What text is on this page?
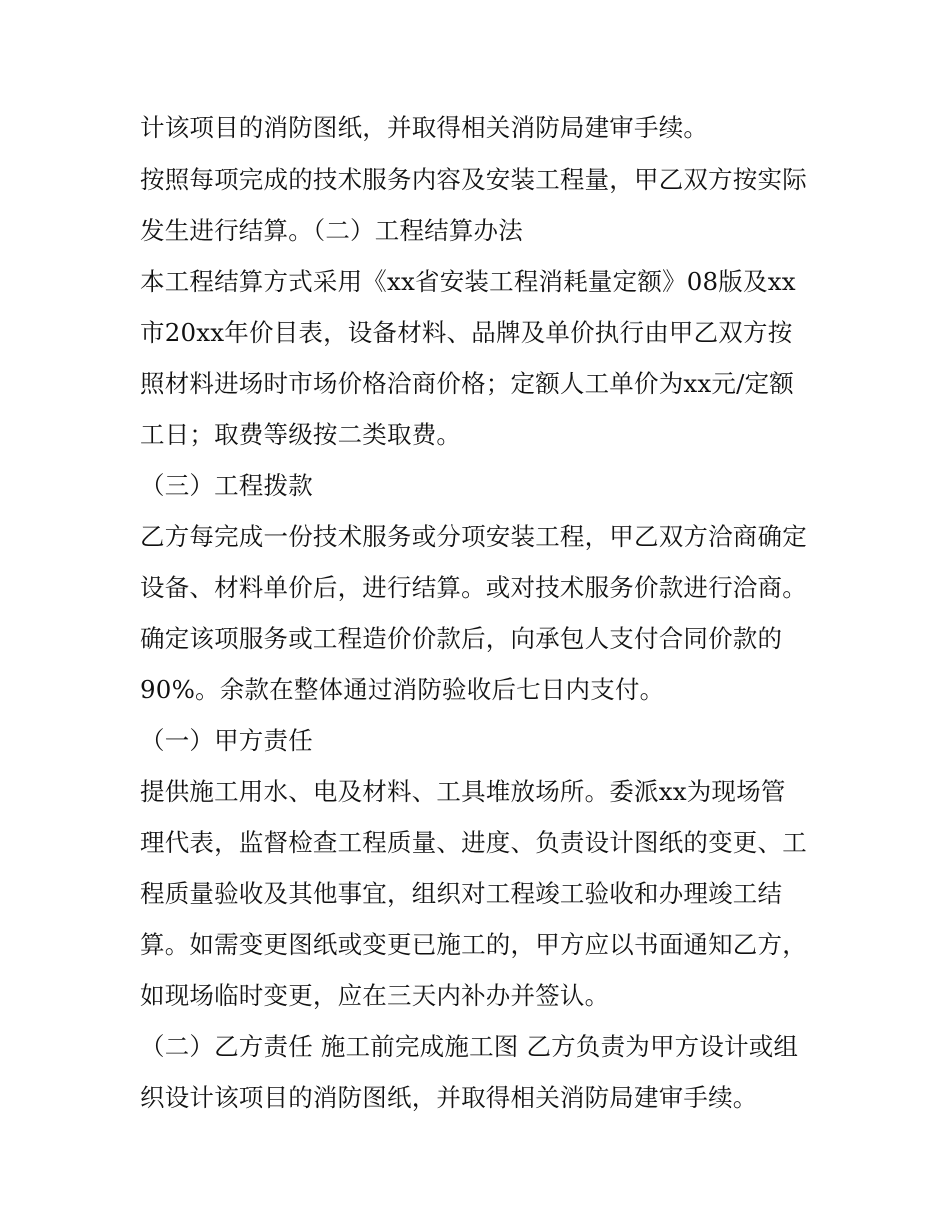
计该项目的消防图纸，并取得相关消防局建审手续。
按照每项完成的技术服务内容及安装工程量，甲乙双方按实际
发生进行结算。（二）工程结算办法
本工程结算方式采用《xx省安装工程消耗量定额》08版及xx
市20xx年价目表，设备材料、品牌及单价执行由甲乙双方按
照材料进场时市场价格洽商价格；定额人工单价为xx元/定额
工日；取费等级按二类取费。
（三）工程拨款
乙方每完成一份技术服务或分项安装工程，甲乙双方洽商确定
设备、材料单价后，进行结算。或对技术服务价款进行洽商。
确定该项服务或工程造价价款后，向承包人支付合同价款的
90%。余款在整体通过消防验收后七日内支付。
（一）甲方责任
提供施工用水、电及材料、工具堆放场所。委派xx为现场管
理代表，监督检查工程质量、进度、负责设计图纸的变更、工
程质量验收及其他事宜，组织对工程竣工验收和办理竣工结
算。如需变更图纸或变更已施工的，甲方应以书面通知乙方，
如现场临时变更，应在三天内补办并签认。
（二）乙方责任 施工前完成施工图 乙方负责为甲方设计或组
织设计该项目的消防图纸，并取得相关消防局建审手续。
